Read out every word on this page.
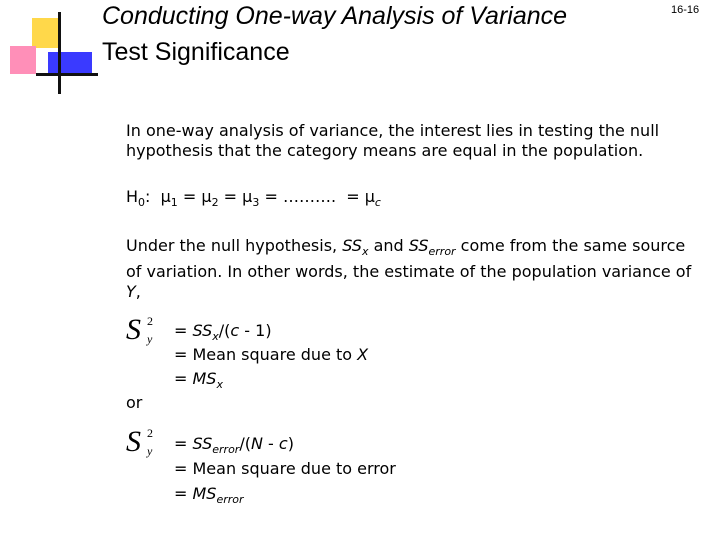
Conducting One-way Analysis of Variance
Test Significance
16-16
In one-way analysis of variance, the interest lies in testing the null hypothesis that the category means are equal in the population.
$H_0$: µ$_1$ = µ$_2$ = µ$_3$ = ………. = µ$_c$
Under the null hypothesis, $SS_x$ and $SS_{error}$ come from the same source of variation. In other words, the estimate of the population variance of Y,
S 2
$y = SS_x/(c - 1)$
= Mean square due to X
= $MS_x$
or
S 2
$y = SS_{error}/(N - c)$
= Mean square due to error
= $MS_{error}$
